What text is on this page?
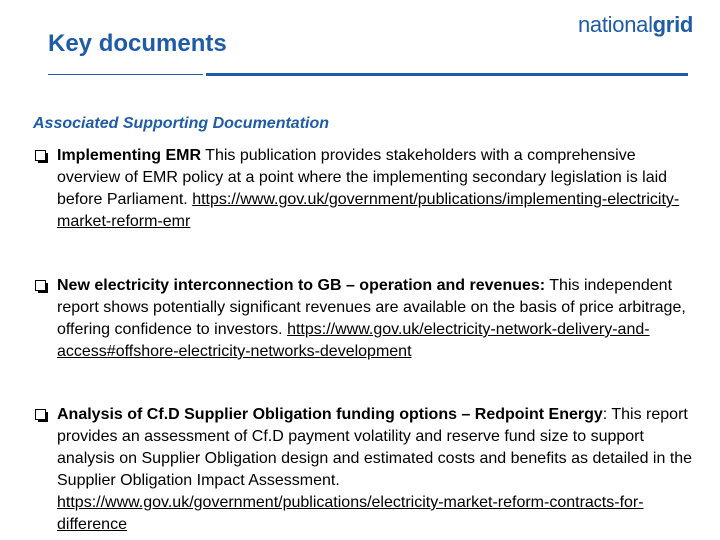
Key documents
nationalgrid
Associated Supporting Documentation
Implementing EMR This publication provides stakeholders with a comprehensive overview of EMR policy at a point where the implementing secondary legislation is laid before Parliament. https://www.gov.uk/government/publications/implementing-electricity-market-reform-emr
New electricity interconnection to GB – operation and revenues: This independent report shows potentially significant revenues are available on the basis of price arbitrage, offering confidence to investors. https://www.gov.uk/electricity-network-delivery-and-access#offshore-electricity-networks-development
Analysis of Cf.D Supplier Obligation funding options – Redpoint Energy: This report provides an assessment of Cf.D payment volatility and reserve fund size to support analysis on Supplier Obligation design and estimated costs and benefits as detailed in the Supplier Obligation Impact Assessment. https://www.gov.uk/government/publications/electricity-market-reform-contracts-for-difference
